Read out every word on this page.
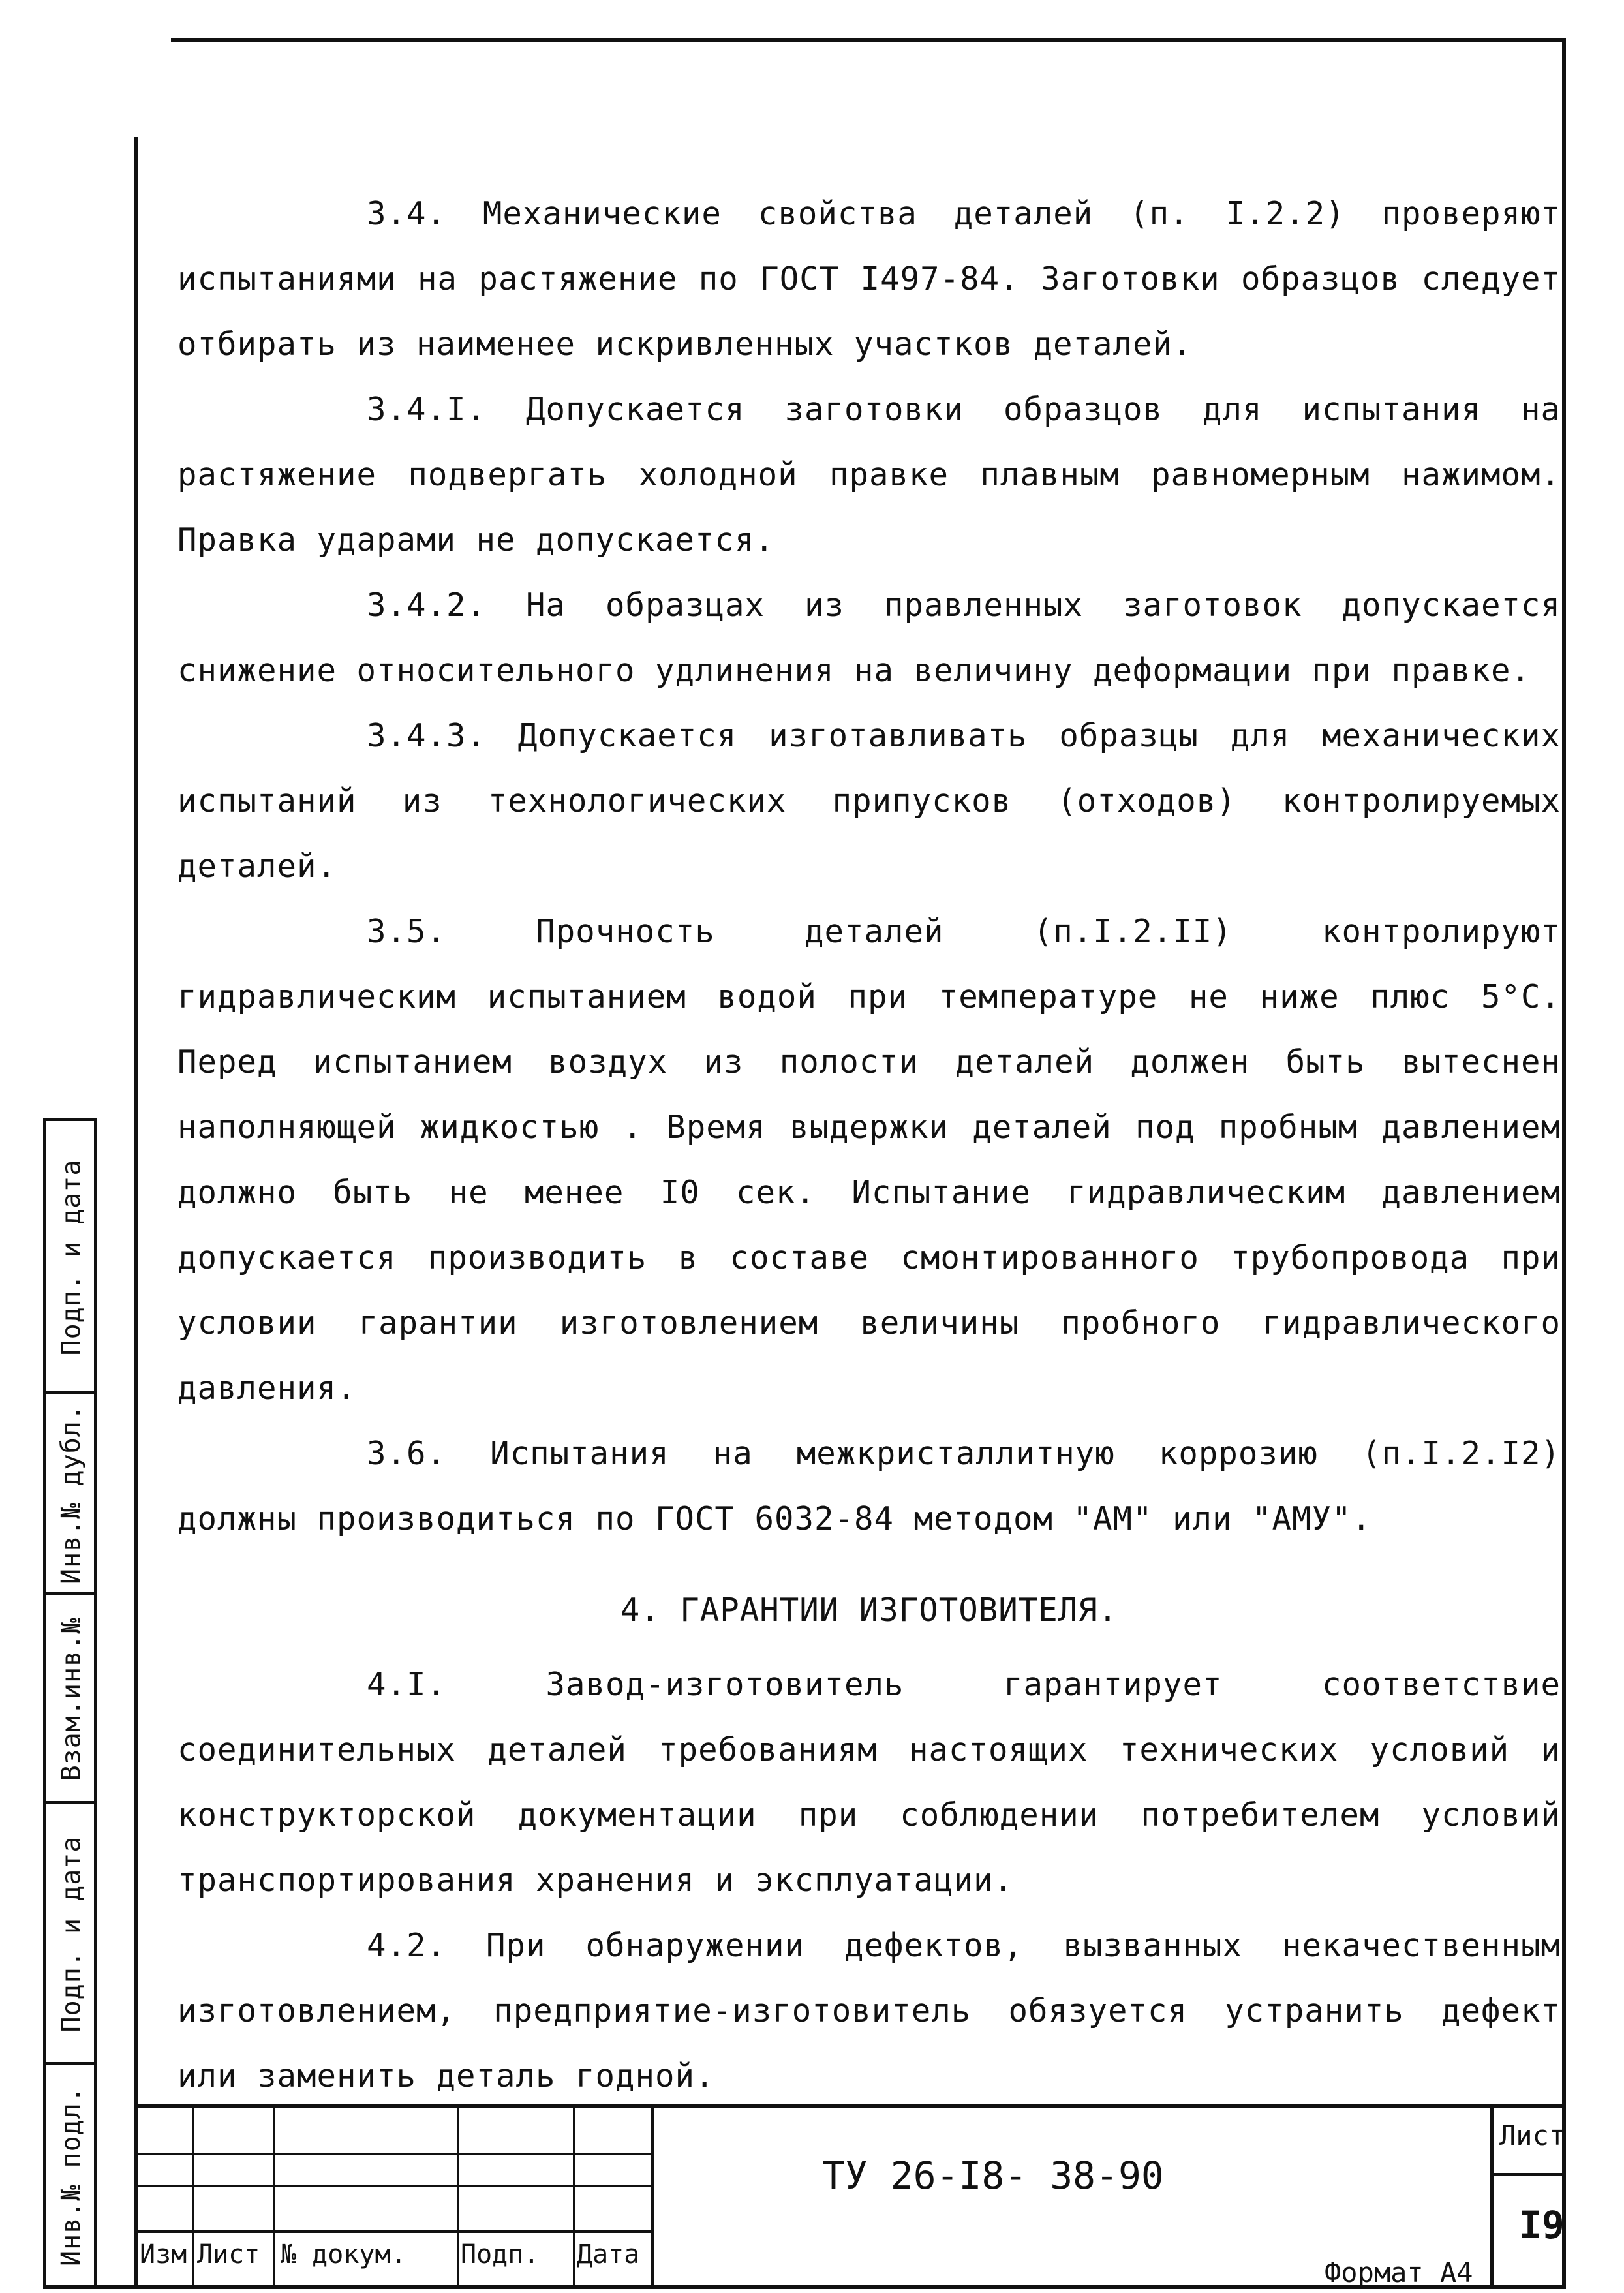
3.4. Механические свойства деталей (п. I.2.2) проверяют испытаниями на растяжение по ГОСТ I497-84. Заготовки образцов следует отбирать из наименее искривленных участков деталей.

3.4.I. Допускается заготовки образцов для испытания на растяжение подвергать холодной правке плавным равномерным нажимом. Правка ударами не допускается.

3.4.2. На образцах из правленных заготовок допускается снижение относительного удлинения на величину деформации при правке.

3.4.3. Допускается изготавливать образцы для механических испытаний из технологических припусков (отходов) контролируемых деталей.

3.5. Прочность деталей (п.I.2.II) контролируют гидравлическим испытанием водой при температуре не ниже плюс 5°С. Перед испытанием воздух из полости деталей должен быть вытеснен наполняющей жидкостью . Время выдержки деталей под пробным давлением должно быть не менее I0 сек. Испытание гидравлическим давлением допускается производить в составе смонтированного трубопровода при условии гарантии изготовлением величины пробного гидравлического давления.

3.6. Испытания на межкристаллитную коррозию (п.I.2.I2) должны производиться по ГОСТ 6032-84 методом "АМ" или "АМУ".

4. ГАРАНТИИ ИЗГОТОВИТЕЛЯ.

4.I. Завод-изготовитель гарантирует соответствие соединительных деталей требованиям настоящих технических условий и конструкторской документации при соблюдении потребителем условий транспортирования хранения и эксплуатации.

4.2. При обнаружении дефектов, вызванных некачественным изготовлением, предприятие-изготовитель обязуется устранить дефект или заменить деталь годной.

Подп. и дата
Инв.№ дубл.
Взам.инв.№
Подп. и дата
Инв.№ подл. Изм Лист № докум. Подп. Дата
ТУ 26-I8- 38-90
Лист
I9
Формат А4
